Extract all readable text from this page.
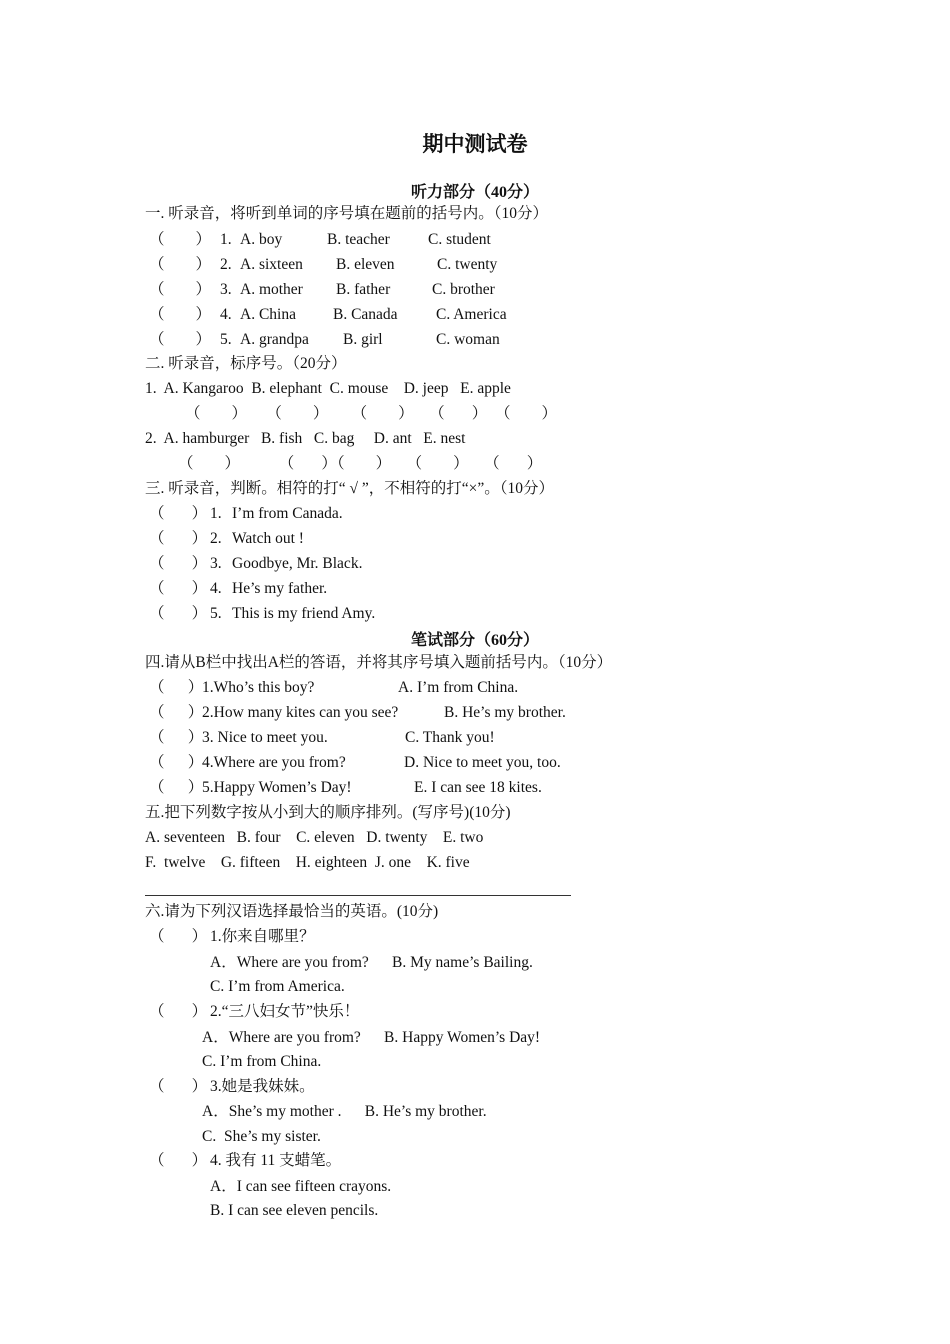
期中测试卷
听力部分（40分）
一. 听录音，将听到单词的序号填在题前的括号内。（10分）
（        ） 1. A. boy	B. teacher C. student
（        ） 2. A. sixteen B. eleven	C. twenty
（        ） 3. A. mother B. father	C. brother
（        ） 4. A. China B. Canada C. America
（        ） 5. A. grandpa B. girl	C. woman
二. 听录音，标序号。（20分）
1.  A. Kangaroo  B. elephant  C. mouse    D. jeep   E. apple
（        ）     （        ）      （        ）    （       ）  （        ）
2.  A. hamburger   B. fish   C. bag     D. ant   E. nest
（        ）          （       ）（        ）    （        ）    （       ）
三. 听录音，判断。相符的打“ √ ”，不相符的打“×”。（10分）
（       ） 1. I’m from Canada.
（       ） 2. Watch out !
（       ） 3. Goodbye, Mr. Black.
（       ） 4. He’s my father.
（       ） 5. This is my friend Amy.
笔试部分（60分）
四.请从B栏中找出A栏的答语，并将其序号填入题前括号内。（10分）
（      ）
1.Who’s this boy?	A. I’m from China.
（      ）
2.How many kites can you see?	B. He’s my brother.
（      ）
3. Nice to meet you.	C. Thank you!
（      ）
4.Where are you from?	D. Nice to meet you, too.
（      ）
5.Happy Women’s Day!	E. I can see 18 kites.
五.把下列数字按从小到大的顺序排列。(写序号)(10分)
A. seventeen   B. four    C. eleven   D. twenty    E. two
F.  twelve    G. fifteen    H. eighteen  J. one    K. five
六.请为下列汉语选择最恰当的英语。(10分)
（       ） 1.你来自哪里？
A．Where are you from?      B. My name’s Bailing.
C. I’m from America.
（       ） 2.“三八妇女节”快乐！
A．Where are you from?      B. Happy Women’s Day!
C. I’m from China.
（       ） 3.她是我妹妹。
A．She’s my mother .      B. He’s my brother.
C.  She’s my sister.
（       ） 4. 我有 11 支蜡笔。
A．I can see fifteen crayons.
B. I can see eleven pencils.
